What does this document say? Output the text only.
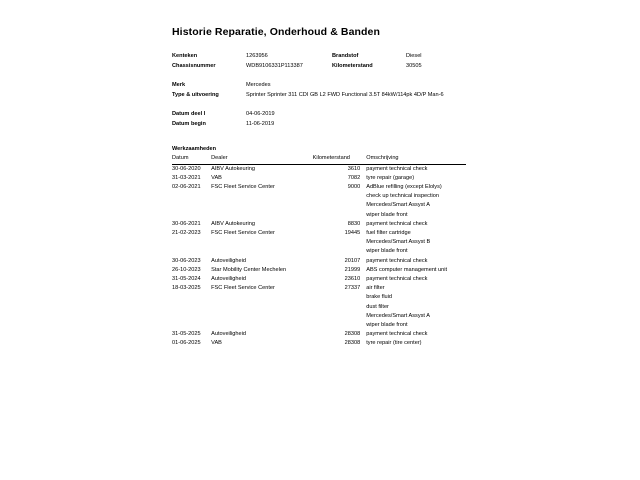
Historie Reparatie, Onderhoud & Banden
Kenteken	1263956	Brandstof	Diesel
Chassisnummer	WDB9106331P113387	Kilometerstand	30505
Merk	Mercedes
Type & uitvoering	Sprinter Sprinter 311 CDI GB L2 FWD Functional 3.5T 84kW/114pk 4D/P Man-6
Datum deel I	04-06-2019
Datum begin	11-06-2019
Werkzaamheden
Datum	Dealer	Kilometerstand	Omschrijving
30-06-2020	AIBV Autokeuring	3610	payment technical check
31-03-2021	VAB	7082	tyre repair (garage)
02-06-2021	FSC Fleet Service Center	9000	AdBlue refilling (except Elolys)
			check up technical inspection
			Mercedes/Smart Assyst A
			wiper blade front
30-06-2021	AIBV Autokeuring	8830	payment technical check
21-02-2023	FSC Fleet Service Center	19445	fuel filter cartridge
			Mercedes/Smart Assyst B
			wiper blade front
30-06-2023	Autoveiligheid	20107	payment technical check
26-10-2023	Star Mobility Center Mechelen	21999	ABS computer management unit
31-05-2024	Autoveiligheid	23610	payment technical check
18-03-2025	FSC Fleet Service Center	27337	air filter
			brake fluid
			dust filter
			Mercedes/Smart Assyst A
			wiper blade front
31-05-2025	Autoveiligheid	28308	payment technical check
01-06-2025	VAB	28308	tyre repair (tire center)
